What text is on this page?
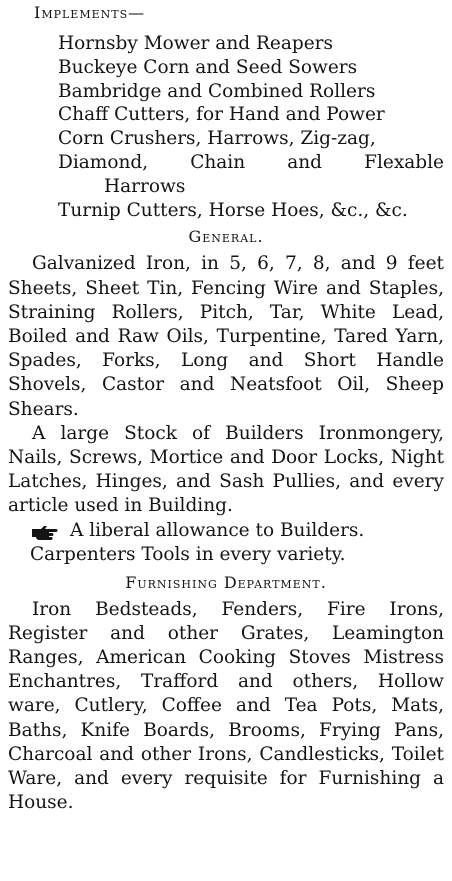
Implements—
Hornsby Mower and Reapers
Buckeye Corn and Seed Sowers
Bambridge and Combined Rollers
Chaff Cutters, for Hand and Power
Corn Crushers, Harrows, Zig-zag,
Diamond, Chain and Flexable
Harrows
Turnip Cutters, Horse Hoes, &c., &c.
General.

Galvanized Iron, in 5, 6, 7, 8, and 9 feet Sheets, Sheet Tin, Fencing Wire and Staples, Straining Rollers, Pitch, Tar, White Lead, Boiled and Raw Oils, Turpentine, Tared Yarn, Spades, Forks, Long and Short Handle Shovels, Castor and Neatsfoot Oil, Sheep Shears.

A large Stock of Builders Ironmongery, Nails, Screws, Mortice and Door Locks, Night Latches, Hinges, and Sash Pullies, and every article used in Building.

A liberal allowance to Builders.

Carpenters Tools in every variety.

Furnishing Department.

Iron Bedsteads, Fenders, Fire Irons, Register and other Grates, Leamington Ranges, American Cooking Stoves Mistress Enchantres, Trafford and others, Hollow ware, Cutlery, Coffee and Tea Pots, Mats, Baths, Knife Boards, Brooms, Frying Pans, Charcoal and other Irons, Candlesticks, Toilet Ware, and every requisite for Furnishing a House.
